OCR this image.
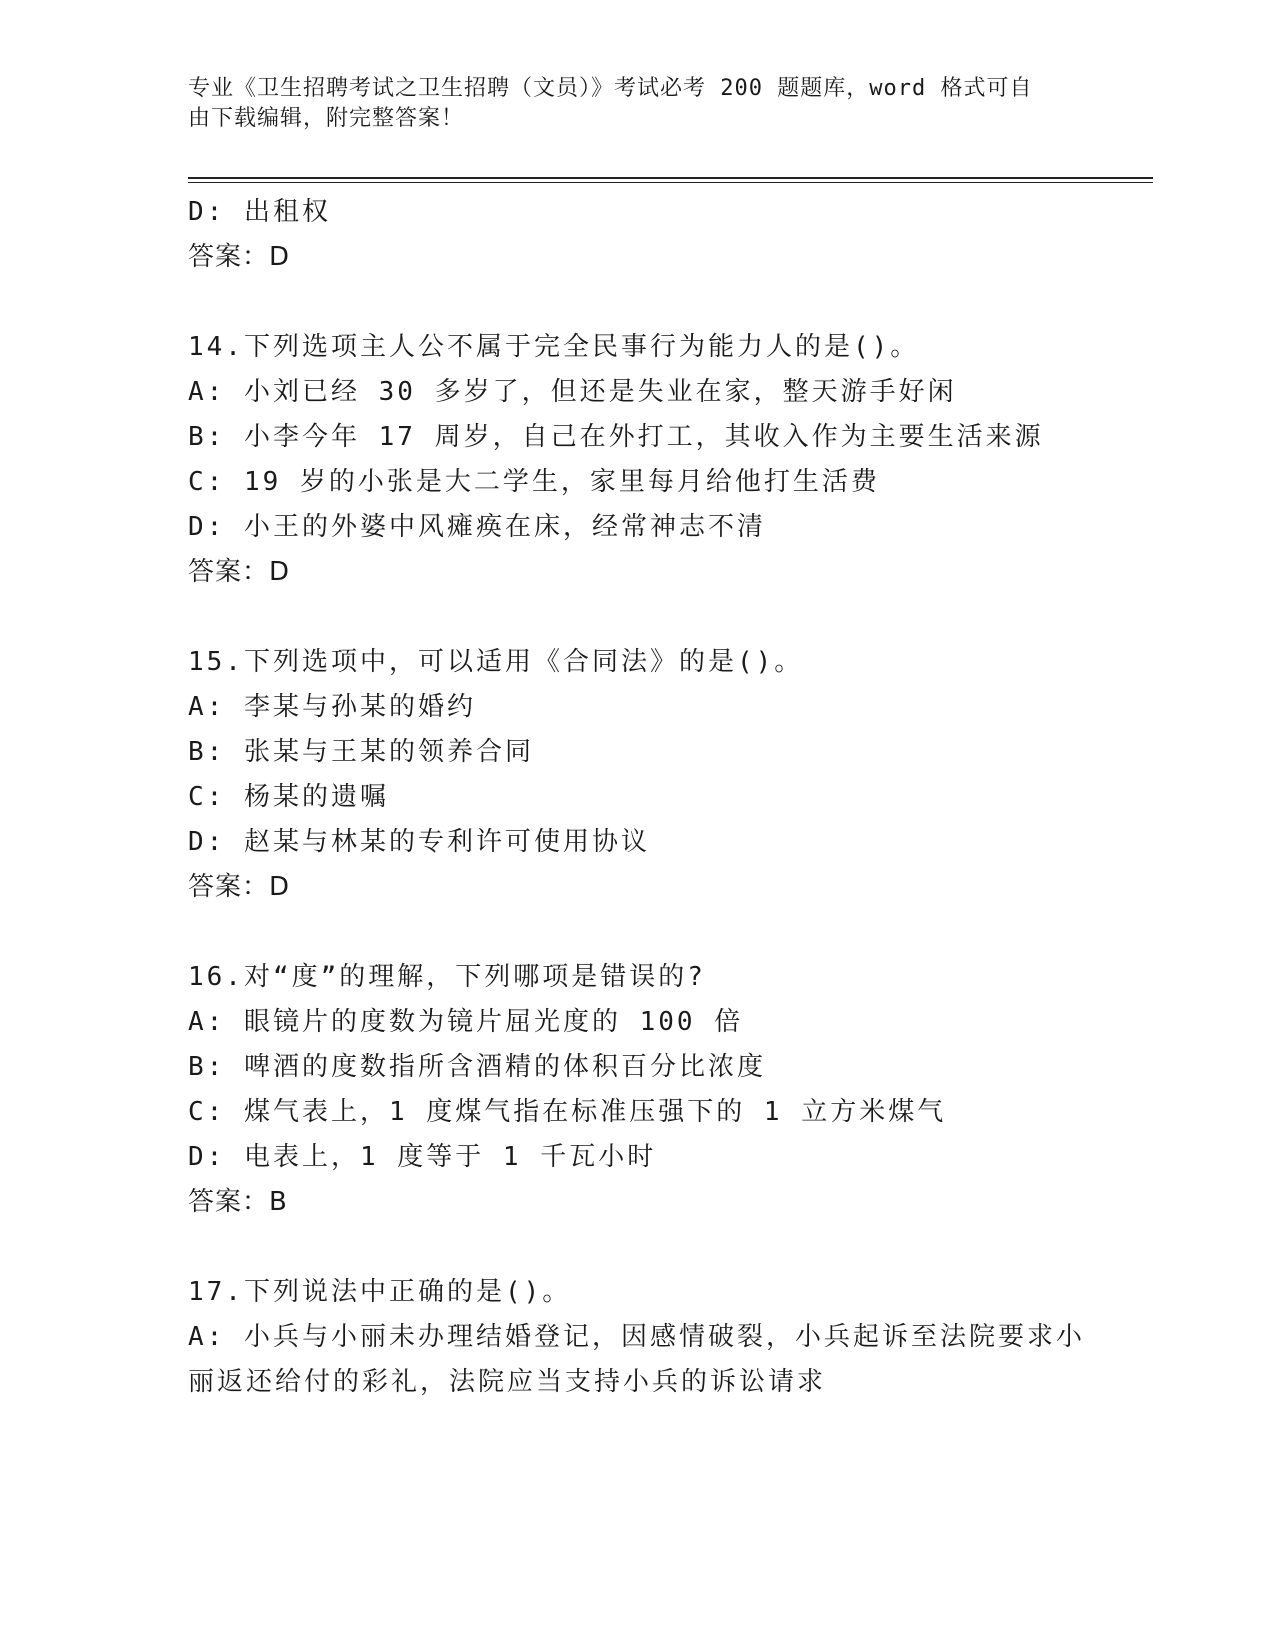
专业《卫生招聘考试之卫生招聘（文员）》考试必考 200 题题库，word 格式可自
由下载编辑，附完整答案！
D: 出租权
答案：D
14.下列选项主人公不属于完全民事行为能力人的是()。
A: 小刘已经 30 多岁了，但还是失业在家，整天游手好闲
B: 小李今年 17 周岁，自己在外打工，其收入作为主要生活来源
C: 19 岁的小张是大二学生，家里每月给他打生活费
D: 小王的外婆中风瘫痪在床，经常神志不清
答案：D
15.下列选项中，可以适用《合同法》的是()。
A: 李某与孙某的婚约
B: 张某与王某的领养合同
C: 杨某的遗嘱
D: 赵某与林某的专利许可使用协议
答案：D
16.对“度”的理解，下列哪项是错误的?
A: 眼镜片的度数为镜片屈光度的 100 倍
B: 啤酒的度数指所含酒精的体积百分比浓度
C: 煤气表上，1 度煤气指在标准压强下的 1 立方米煤气
D: 电表上，1 度等于 1 千瓦小时
答案：B
17.下列说法中正确的是()。
A: 小兵与小丽未办理结婚登记，因感情破裂，小兵起诉至法院要求小
丽返还给付的彩礼，法院应当支持小兵的诉讼请求
